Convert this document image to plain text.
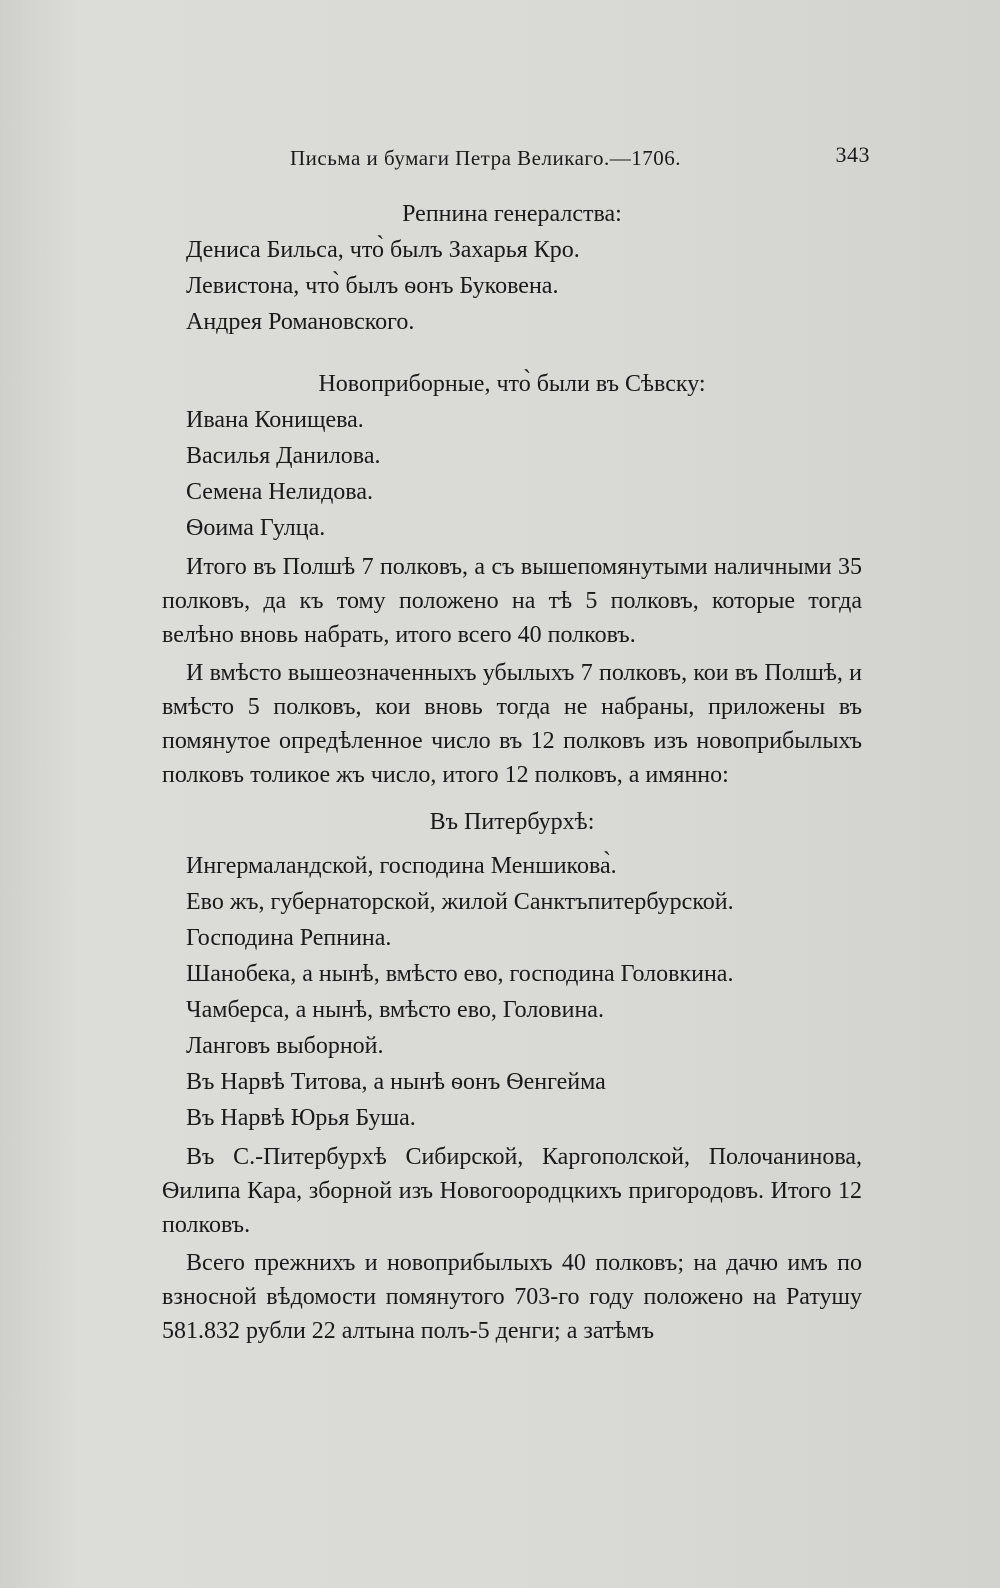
Письма и бумаги Петра Великаго.—1706.	343
Репнина генералства:
Дениса Бильса, что̀ былъ Захарья Кро.
Левистона, что̀ былъ ѳонъ Буковена.
Андрея Романовского.
Новоприборные, что̀ были въ Сѣвску:
Ивана Конищева.
Василья Данилова.
Семена Нелидова.
Ѳоима Гулца.
Итого въ Полшѣ 7 полковъ, а съ вышепомянутыми наличными 35 полковъ, да къ тому положено на тѣ 5 полковъ, которые тогда велѣно вновь набрать, итого всего 40 полковъ.
И вмѣсто вышеозначенныхъ убылыхъ 7 полковъ, кои въ Полшѣ, и вмѣсто 5 полковъ, кои вновь тогда не набраны, приложены въ помянутое опредѣленное число въ 12 полковъ изъ новоприбылыхъ полковъ толикое жъ число, итого 12 полковъ, а имянно:
Въ Питербурхѣ:
Ингермаландской, господина Меншикова̀.
Ево жъ, губернаторской, жилой Санктъпитербурской.
Господина Репнина.
Шанобека, а нынѣ, вмѣсто ево, господина Головкина.
Чамберса, а нынѣ, вмѣсто ево, Головина.
Ланговъ выборной.
Въ Нарвѣ Титова, а нынѣ ѳонъ Ѳенгейма
Въ Нарвѣ Юрья Буша.
Въ С.-Питербурхѣ Сибирской, Каргополской, Полочанинова, Ѳилипа Кара, зборной изъ Новогоородцкихъ пригородовъ. Итого 12 полковъ.
Всего прежнихъ и новоприбылыхъ 40 полковъ; на дачю имъ по взносной вѣдомости помянутого 703-го году положено на Ратушу 581.832 рубли 22 алтына полъ-5 денги; а затѣмъ
